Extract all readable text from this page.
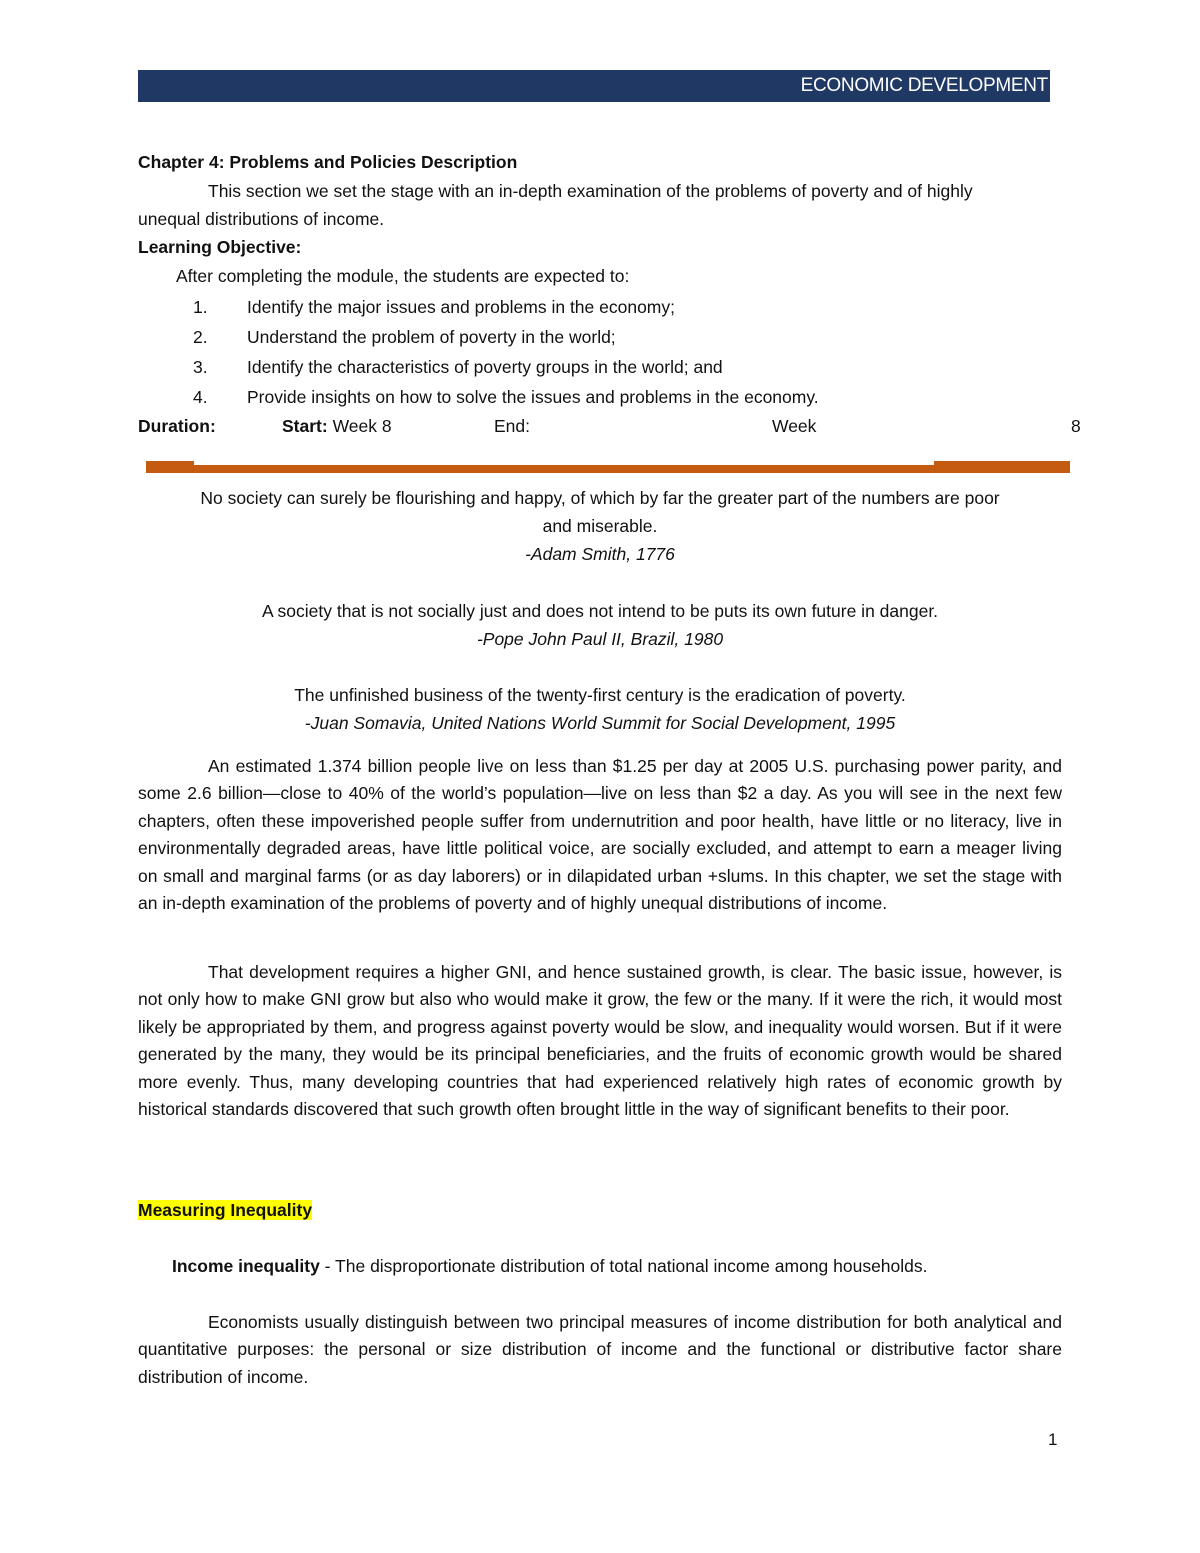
ECONOMIC DEVELOPMENT
Chapter 4: Problems and Policies Description
This section we set the stage with an in-depth examination of the problems of poverty and of highly
unequal distributions of income.
Learning Objective:
After completing the module, the students are expected to:
1. Identify the major issues and problems in the economy;
2. Understand the problem of poverty in the world;
3. Identify the characteristics of poverty groups in the world; and
4. Provide insights on how to solve the issues and problems in the economy.
Duration:	Start: Week 8	End:	Week	8
No society can surely be flourishing and happy, of which by far the greater part of the numbers are poor
and miserable.
-Adam Smith, 1776
A society that is not socially just and does not intend to be puts its own future in danger.
-Pope John Paul II, Brazil, 1980
The unfinished business of the twenty-first century is the eradication of poverty.
-Juan Somavia, United Nations World Summit for Social Development, 1995

An estimated 1.374 billion people live on less than $1.25 per day at 2005 U.S. purchasing power parity, and some 2.6 billion—close to 40% of the world’s population—live on less than $2 a day. As you will see in the next few chapters, often these impoverished people suffer from undernutrition and poor health, have little or no literacy, live in environmentally degraded areas, have little political voice, are socially excluded, and attempt to earn a meager living on small and marginal farms (or as day laborers) or in dilapidated urban +slums. In this chapter, we set the stage with an in-depth examination of the problems of poverty and of highly unequal distributions of income.

That development requires a higher GNI, and hence sustained growth, is clear. The basic issue, however, is not only how to make GNI grow but also who would make it grow, the few or the many. If it were the rich, it would most likely be appropriated by them, and progress against poverty would be slow, and inequality would worsen. But if it were generated by the many, they would be its principal beneficiaries, and the fruits of economic growth would be shared more evenly. Thus, many developing countries that had experienced relatively high rates of economic growth by historical standards discovered that such growth often brought little in the way of significant benefits to their poor.

Measuring Inequality
Income inequality - The disproportionate distribution of total national income among households.

Economists usually distinguish between two principal measures of income distribution for both analytical and quantitative purposes: the personal or size distribution of income and the functional or distributive factor share distribution of income.

1
